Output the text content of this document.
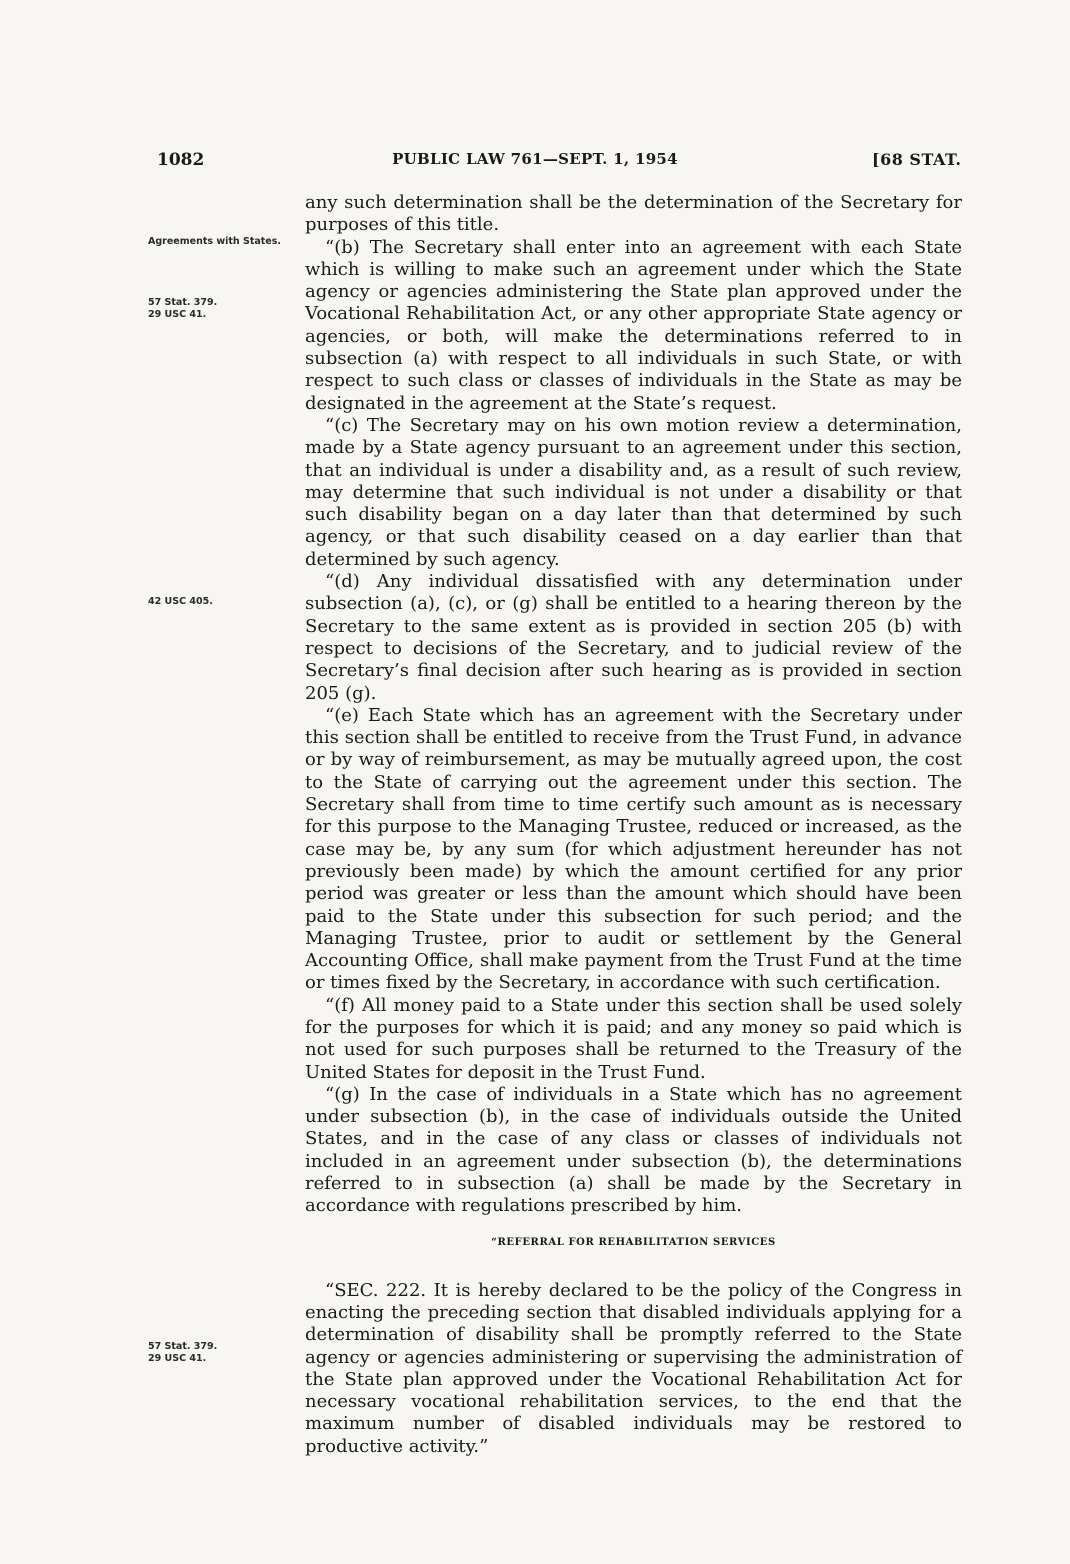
1082	PUBLIC LAW 761—SEPT. 1, 1954	[68 STAT.
Agreements with States.
57 Stat. 379.
29 USC 41.
42 USC 405.
57 Stat. 379.
29 USC 41.

any such determination shall be the determination of the Secretary for purposes of this title.

“(b) The Secretary shall enter into an agreement with each State which is willing to make such an agreement under which the State agency or agencies administering the State plan approved under the Vocational Rehabilitation Act, or any other appropriate State agency or agencies, or both, will make the determinations referred to in subsection (a) with respect to all individuals in such State, or with respect to such class or classes of individuals in the State as may be designated in the agreement at the State’s request.

“(c) The Secretary may on his own motion review a determination, made by a State agency pursuant to an agreement under this section, that an individual is under a disability and, as a result of such review, may determine that such individual is not under a disability or that such disability began on a day later than that determined by such agency, or that such disability ceased on a day earlier than that determined by such agency.

“(d) Any individual dissatisfied with any determination under subsection (a), (c), or (g) shall be entitled to a hearing thereon by the Secretary to the same extent as is provided in section 205 (b) with respect to decisions of the Secretary, and to judicial review of the Secretary’s final decision after such hearing as is provided in section 205 (g).

“(e) Each State which has an agreement with the Secretary under this section shall be entitled to receive from the Trust Fund, in advance or by way of reimbursement, as may be mutually agreed upon, the cost to the State of carrying out the agreement under this section. The Secretary shall from time to time certify such amount as is necessary for this purpose to the Managing Trustee, reduced or increased, as the case may be, by any sum (for which adjustment hereunder has not previously been made) by which the amount certified for any prior period was greater or less than the amount which should have been paid to the State under this subsection for such period; and the Managing Trustee, prior to audit or settlement by the General Accounting Office, shall make payment from the Trust Fund at the time or times fixed by the Secretary, in accordance with such certification.

“(f) All money paid to a State under this section shall be used solely for the purposes for which it is paid; and any money so paid which is not used for such purposes shall be returned to the Treasury of the United States for deposit in the Trust Fund.

“(g) In the case of individuals in a State which has no agreement under subsection (b), in the case of individuals outside the United States, and in the case of any class or classes of individuals not included in an agreement under subsection (b), the determinations referred to in subsection (a) shall be made by the Secretary in accordance with regulations prescribed by him.

“REFERRAL FOR REHABILITATION SERVICES

“SEC. 222. It is hereby declared to be the policy of the Congress in enacting the preceding section that disabled individuals applying for a determination of disability shall be promptly referred to the State agency or agencies administering or supervising the administration of the State plan approved under the Vocational Rehabilitation Act for necessary vocational rehabilitation services, to the end that the maximum number of disabled individuals may be restored to productive activity.”
